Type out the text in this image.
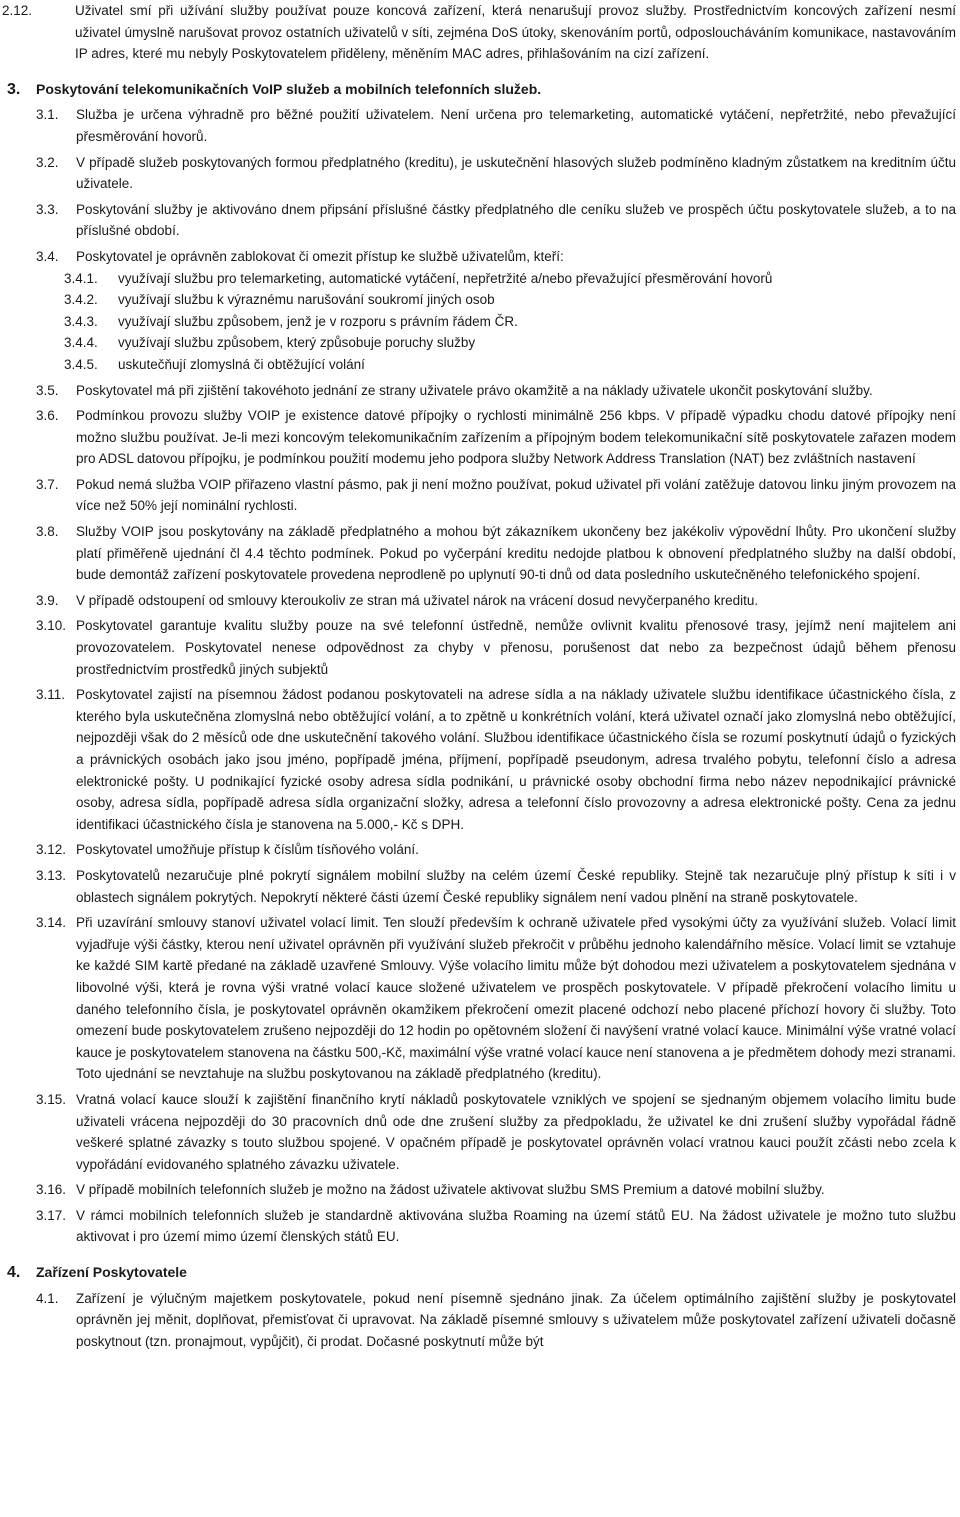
2.12.	Uživatel smí při užívání služby používat pouze koncová zařízení, která nenarušují provoz služby. Prostřednictvím koncových zařízení nesmí uživatel úmyslně narušovat provoz ostatních uživatelů v síti, zejména DoS útoky, skenováním portů, odposloucháváním komunikace, nastavováním IP adres, které mu nebyly Poskytovatelem přiděleny, měněním MAC adres, přihlašováním na cizí zařízení.
3. Poskytování telekomunikačních VoIP služeb a mobilních telefonních služeb.
3.1. Služba je určena výhradně pro běžné použití uživatelem. Není určena pro telemarketing, automatické vytáčení, nepřetržité, nebo převažující přesměrování hovorů.
3.2. V případě služeb poskytovaných formou předplatného (kreditu), je uskutečnění hlasových služeb podmíněno kladným zůstatkem na kreditním účtu uživatele.
3.3. Poskytování služby je aktivováno dnem připsání příslušné částky předplatného dle ceníku služeb ve prospěch účtu poskytovatele služeb, a to na příslušné období.
3.4. Poskytovatel je oprávněn zablokovat či omezit přístup ke službě uživatelům, kteří:
3.4.1. využívají službu pro telemarketing, automatické vytáčení, nepřetržité a/nebo převažující přesměrování hovorů
3.4.2. využívají službu k výraznému narušování soukromí jiných osob
3.4.3. využívají službu způsobem, jenž je v rozporu s právním řádem ČR.
3.4.4. využívají službu způsobem, který způsobuje poruchy služby
3.4.5. uskutečňují zlomyslná či obtěžující volání
3.5. Poskytovatel má při zjištění takovéhoto jednání ze strany uživatele právo okamžitě a na náklady uživatele ukončit poskytování služby.
3.6. Podmínkou provozu služby VOIP je existence datové přípojky o rychlosti minimálně 256 kbps. V případě výpadku chodu datové přípojky není možno službu používat. Je-li mezi koncovým telekomunikačním zařízením a přípojným bodem telekomunikační sítě poskytovatele zařazen modem pro ADSL datovou přípojku, je podmínkou použití modemu jeho podpora služby Network Address Translation (NAT) bez zvláštních nastavení
3.7. Pokud nemá služba VOIP přiřazeno vlastní pásmo, pak ji není možno používat, pokud uživatel při volání zatěžuje datovou linku jiným provozem na více než 50% její nominální rychlosti.
3.8. Služby VOIP jsou poskytovány na základě předplatného a mohou být zákazníkem ukončeny bez jakékoliv výpovědní lhůty. Pro ukončení služby platí přiměřeně ujednání čl 4.4 těchto podmínek. Pokud po vyčerpání kreditu nedojde platbou k obnovení předplatného služby na další období, bude demontáž zařízení poskytovatele provedena neprodleně po uplynutí 90-ti dnů od data posledního uskutečněného telefonického spojení.
3.9. V případě odstoupení od smlouvy kteroukoliv ze stran má uživatel nárok na vrácení dosud nevyčerpaného kreditu.
3.10. Poskytovatel garantuje kvalitu služby pouze na své telefonní ústředně, nemůže ovlivnit kvalitu přenosové trasy, jejímž není majitelem ani provozovatelem. Poskytovatel nenese odpovědnost za chyby v přenosu, porušenost dat nebo za bezpečnost údajů během přenosu prostřednictvím prostředků jiných subjektů
3.11. Poskytovatel zajistí na písemnou žádost podanou poskytovateli na adrese sídla a na náklady uživatele službu identifikace účastnického čísla, z kterého byla uskutečněna zlomyslná nebo obtěžující volání, a to zpětně u konkrétních volání, která uživatel označí jako zlomyslná nebo obtěžující, nejpozději však do 2 měsíců ode dne uskutečnění takového volání. Službou identifikace účastnického čísla se rozumí poskytnutí údajů o fyzických a právnických osobách jako jsou jméno, popřípadě jména, příjmení, popřípadě pseudonym, adresa trvalého pobytu, telefonní číslo a adresa elektronické pošty. U podnikající fyzické osoby adresa sídla podnikání, u právnické osoby obchodní firma nebo název nepodnikající právnické osoby, adresa sídla, popřípadě adresa sídla organizační složky, adresa a telefonní číslo provozovny a adresa elektronické pošty. Cena za jednu identifikaci účastnického čísla je stanovena na 5.000,- Kč s DPH.
3.12. Poskytovatel umožňuje přístup k číslům tísňového volání.
3.13. Poskytovatelů nezaručuje plné pokrytí signálem mobilní služby na celém území České republiky. Stejně tak nezaručuje plný přístup k síti i v oblastech signálem pokrytých. Nepokrytí některé části území České republiky signálem není vadou plnění na straně poskytovatele.
3.14. Při uzavírání smlouvy stanoví uživatel volací limit. Ten slouží především k ochraně uživatele před vysokými účty za využívání služeb. Volací limit vyjadřuje výši částky, kterou není uživatel oprávněn při využívání služeb překročit v průběhu jednoho kalendářního měsíce. Volací limit se vztahuje ke každé SIM kartě předané na základě uzavřené Smlouvy. Výše volacího limitu může být dohodou mezi uživatelem a poskytovatelem sjednána v libovolné výši, která je rovna výši vratné volací kauce složené uživatelem ve prospěch poskytovatele. V případě překročení volacího limitu u daného telefonního čísla, je poskytovatel oprávněn okamžikem překročení omezit placené odchozí nebo placené příchozí hovory či služby. Toto omezení bude poskytovatelem zrušeno nejpozději do 12 hodin po opětovném složení či navýšení vratné volací kauce. Minimální výše vratné volací kauce je poskytovatelem stanovena na částku 500,-Kč, maximální výše vratné volací kauce není stanovena a je předmětem dohody mezi stranami. Toto ujednání se nevztahuje na službu poskytovanou na základě předplatného (kreditu).
3.15. Vratná volací kauce slouží k zajištění finančního krytí nákladů poskytovatele vzniklých ve spojení se sjednaným objemem volacího limitu bude uživateli vrácena nejpozději do 30 pracovních dnů ode dne zrušení služby za předpokladu, že uživatel ke dni zrušení služby vypořádal řádně veškeré splatné závazky s touto službou spojené. V opačném případě je poskytovatel oprávněn volací vratnou kauci použít zčásti nebo zcela k vypořádání evidovaného splatného závazku uživatele.
3.16. V případě mobilních telefonních služeb je možno na žádost uživatele aktivovat službu SMS Premium a datové mobilní služby.
3.17. V rámci mobilních telefonních služeb je standardně aktivována služba Roaming na území států EU. Na žádost uživatele je možno tuto službu aktivovat i pro území mimo území členských států EU.
4. Zařízení Poskytovatele
4.1. Zařízení je výlučným majetkem poskytovatele, pokud není písemně sjednáno jinak. Za účelem optimálního zajištění služby je poskytovatel oprávněn jej měnit, doplňovat, přemisťovat či upravovat. Na základě písemné smlouvy s uživatelem může poskytovatel zařízení uživateli dočasně poskytnout (tzn. pronajmout, vypůjčit), či prodat. Dočasné poskytnutí může být
